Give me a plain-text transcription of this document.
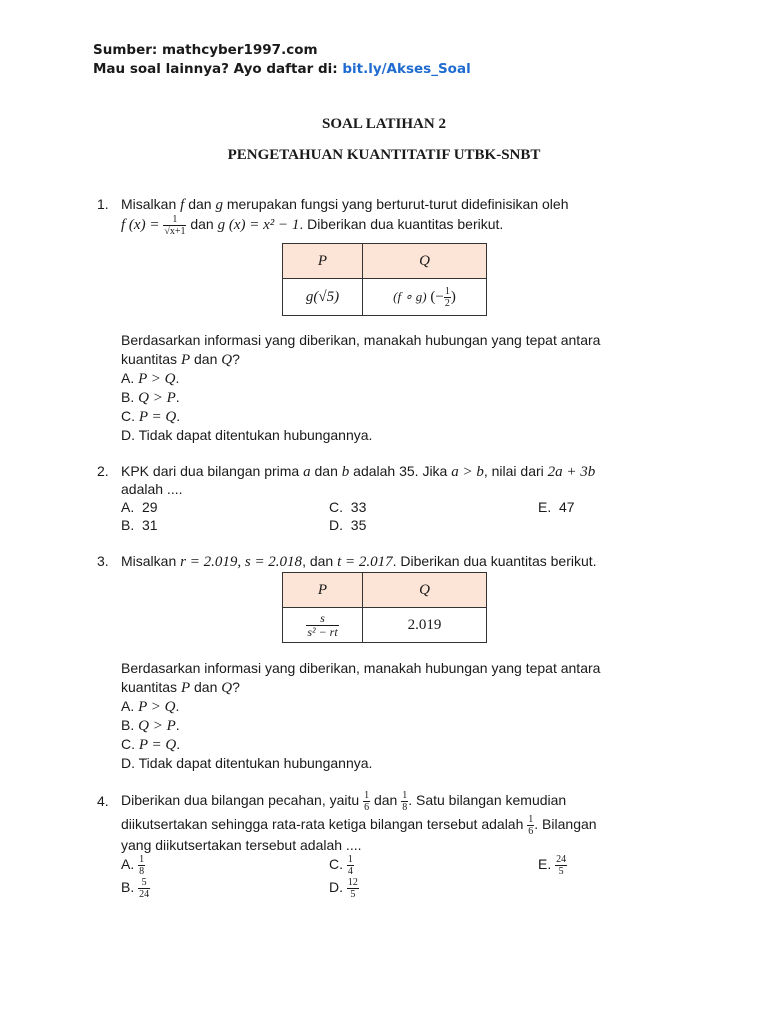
Sumber: mathcyber1997.com
Mau soal lainnya? Ayo daftar di: bit.ly/Akses_Soal
SOAL LATIHAN 2
PENGETAHUAN KUANTITATIF UTBK-SNBT
1. Misalkan f dan g merupakan fungsi yang berturut-turut didefinisikan oleh
f $(x) = \frac{1}{√x+1}$ dan g (x) = x² − 1. Diberikan dua kuantitas berikut.
P	Q
g(√5)	(f ∘ g) (− $\frac{1}{2}$ )
Berdasarkan informasi yang diberikan, manakah hubungan yang tepat antara
kuantitas P dan Q?
A. P > Q.
B. Q > P.
C. P = Q.
D. Tidak dapat ditentukan hubungannya.
2. KPK dari dua bilangan prima a dan b adalah 35. Jika a > b, nilai dari 2a + 3b
adalah ....
A. 29
B. 31
C. 33
D. 35
E. 47
3. Misalkan r = 2.019, s = 2.018, dan t = 2.017. Diberikan dua kuantitas berikut.
P	Q

$\frac{s}{\text{s² − rt}}$	2.019
Berdasarkan informasi yang diberikan, manakah hubungan yang tepat antara
kuantitas P dan Q?
A. P > Q.
B. Q > P.
C. P = Q.
D. Tidak dapat ditentukan hubungannya.
4. Diberikan dua bilangan pecahan, yaitu $\frac{1}{6}$ dan $\frac{1}{8}$ . Satu bilangan kemudian
diikutsertakan sehingga rata-rata ketiga bilangan tersebut adalah $\frac{1}{6}$ . Bilangan
yang diikutsertakan tersebut adalah ....
A. $\frac{1}{8}$
B. $\frac{5}{24}$
C. $\frac{1}{4}$
D. $\frac{12}{5}$
E. $\frac{24}{5}$
